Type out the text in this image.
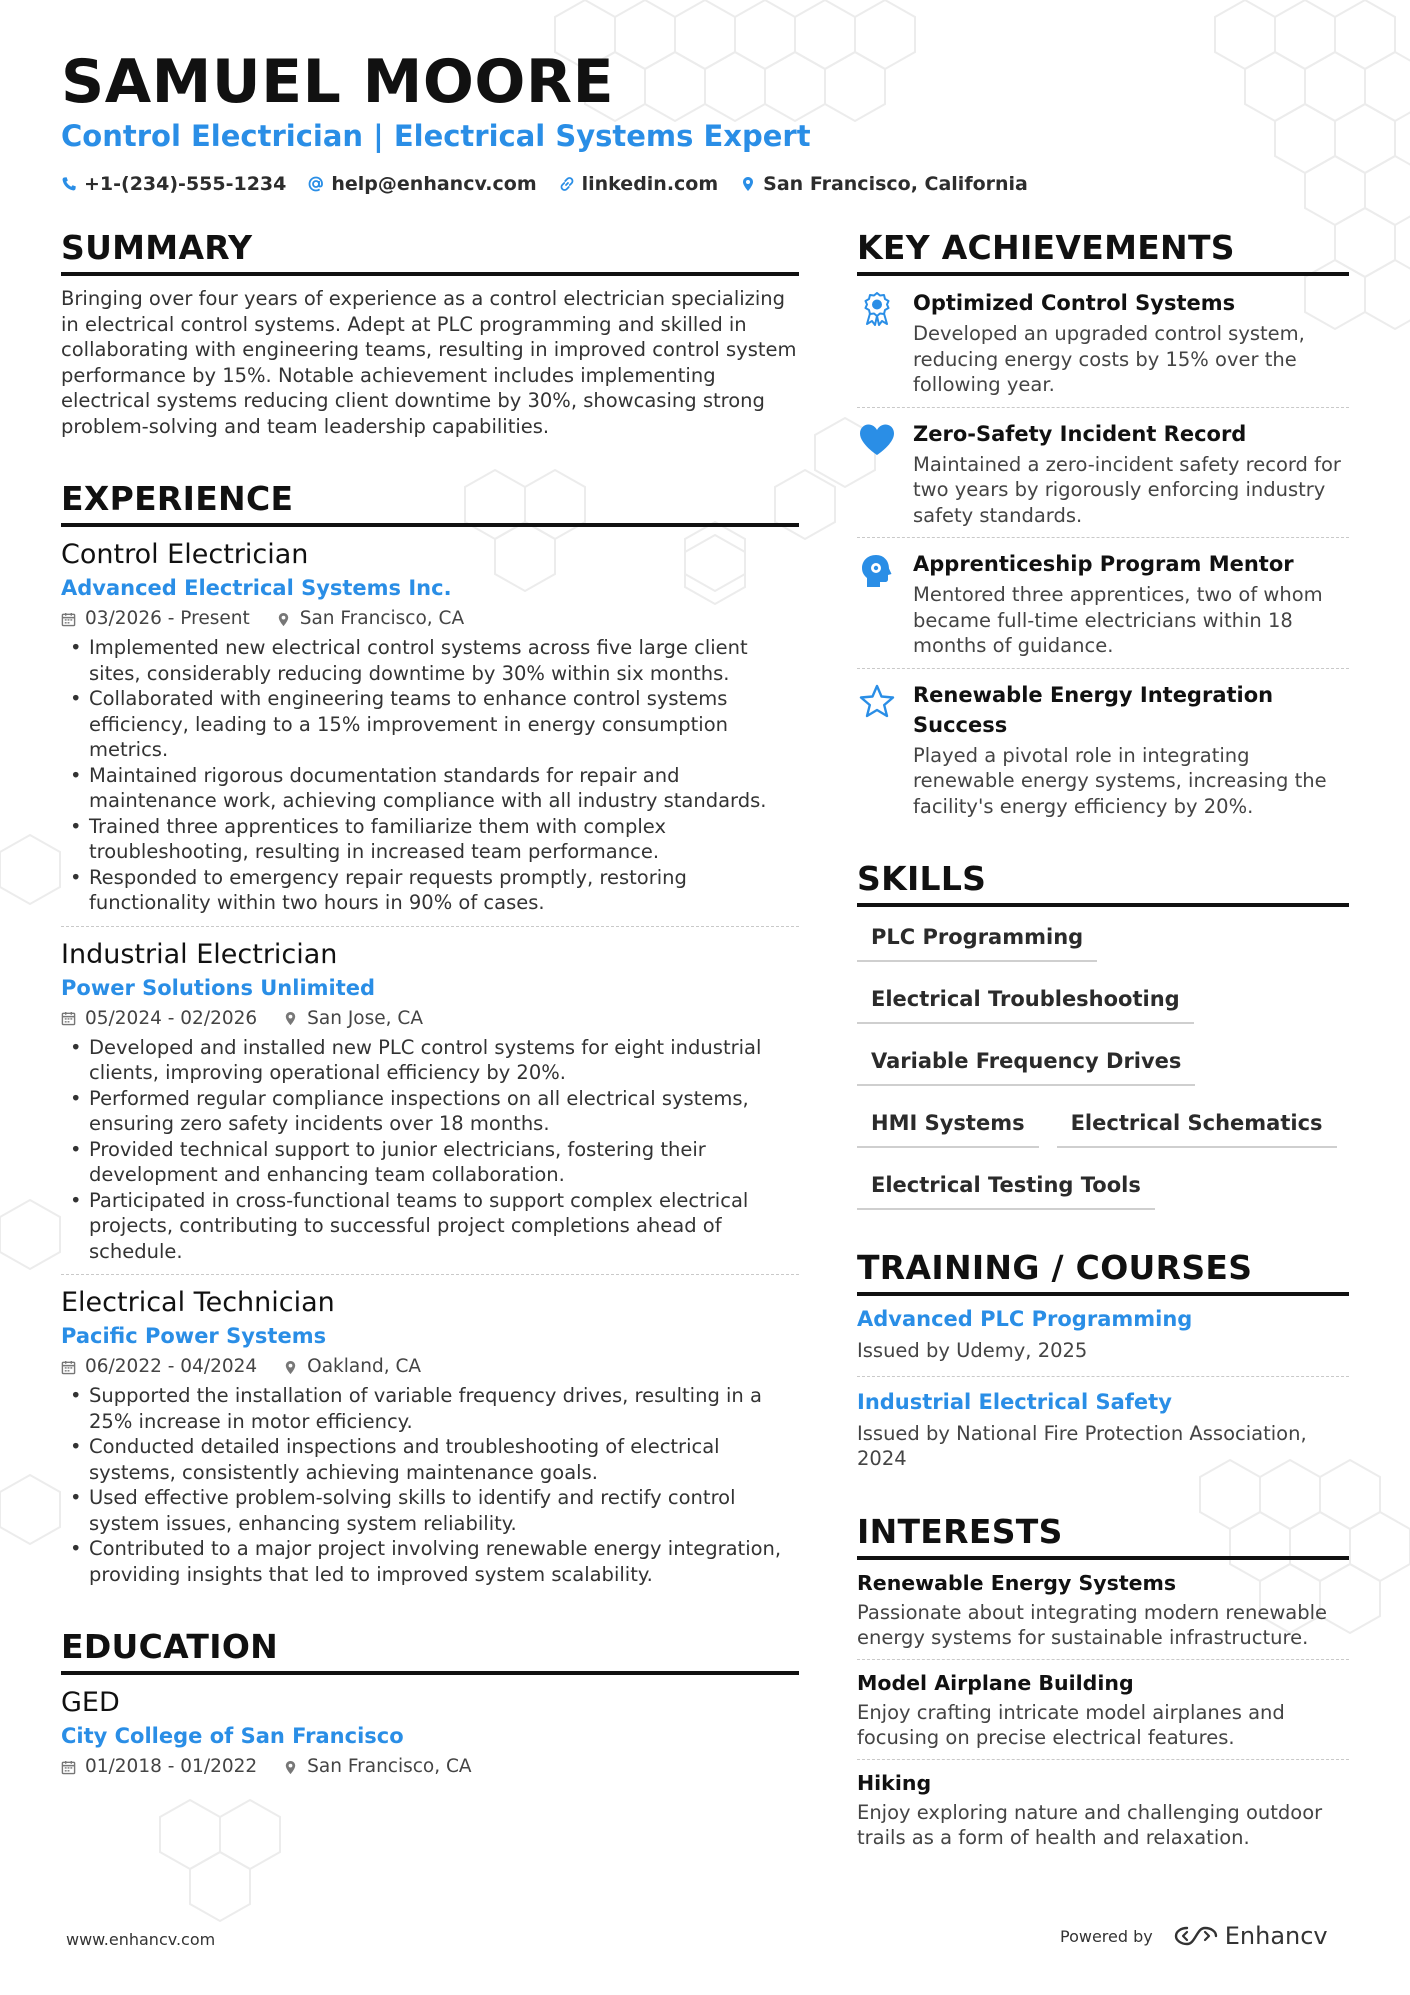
SAMUEL MOORE
Control Electrician | Electrical Systems Expert
+1-(234)-555-1234 help@enhancv.com linkedin.com San Francisco, California
SUMMARY
Bringing over four years of experience as a control electrician specializing in electrical control systems. Adept at PLC programming and skilled in collaborating with engineering teams, resulting in improved control system performance by 15%. Notable achievement includes implementing electrical systems reducing client downtime by 30%, showcasing strong problem-solving and team leadership capabilities.
EXPERIENCE
Control Electrician
Advanced Electrical Systems Inc.
03/2026 - Present	San Francisco, CA
• Implemented new electrical control systems across five large client sites, considerably reducing downtime by 30% within six months.
• Collaborated with engineering teams to enhance control systems efficiency, leading to a 15% improvement in energy consumption metrics.
• Maintained rigorous documentation standards for repair and maintenance work, achieving compliance with all industry standards.
• Trained three apprentices to familiarize them with complex troubleshooting, resulting in increased team performance.
• Responded to emergency repair requests promptly, restoring functionality within two hours in 90% of cases.
Industrial Electrician
Power Solutions Unlimited
05/2024 - 02/2026	San Jose, CA
• Developed and installed new PLC control systems for eight industrial clients, improving operational efficiency by 20%.
• Performed regular compliance inspections on all electrical systems, ensuring zero safety incidents over 18 months.
• Provided technical support to junior electricians, fostering their development and enhancing team collaboration.
• Participated in cross-functional teams to support complex electrical projects, contributing to successful project completions ahead of schedule.
Electrical Technician
Pacific Power Systems
06/2022 - 04/2024	Oakland, CA
• Supported the installation of variable frequency drives, resulting in a 25% increase in motor efficiency.
• Conducted detailed inspections and troubleshooting of electrical systems, consistently achieving maintenance goals.
• Used effective problem-solving skills to identify and rectify control system issues, enhancing system reliability.
• Contributed to a major project involving renewable energy integration, providing insights that led to improved system scalability.
EDUCATION
GED
City College of San Francisco
01/2018 - 01/2022	San Francisco, CA
KEY ACHIEVEMENTS
Optimized Control Systems
Developed an upgraded control system, reducing energy costs by 15% over the following year.
Zero-Safety Incident Record
Maintained a zero-incident safety record for two years by rigorously enforcing industry safety standards.
Apprenticeship Program Mentor
Mentored three apprentices, two of whom became full-time electricians within 18 months of guidance.
Renewable Energy Integration Success
Played a pivotal role in integrating renewable energy systems, increasing the facility's energy efficiency by 20%.
SKILLS
PLC Programming
Electrical Troubleshooting
Variable Frequency Drives
HMI Systems	Electrical Schematics
Electrical Testing Tools
TRAINING / COURSES
Advanced PLC Programming
Issued by Udemy, 2025
Industrial Electrical Safety
Issued by National Fire Protection Association, 2024
INTERESTS
Renewable Energy Systems
Passionate about integrating modern renewable energy systems for sustainable infrastructure.
Model Airplane Building
Enjoy crafting intricate model airplanes and focusing on precise electrical features.
Hiking
Enjoy exploring nature and challenging outdoor trails as a form of health and relaxation.
www.enhancv.com	Powered by	Enhancv
